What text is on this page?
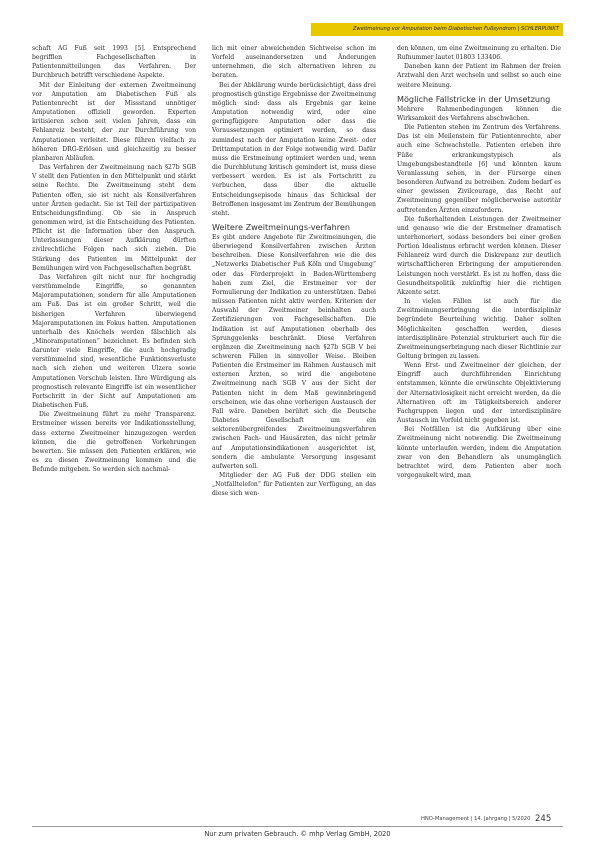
Zweitmeinung vor Amputation beim Diabetischen Fußsyndrom | SCHLERPUNKT

schaft AG Fuß seit 1993 [5]. Entsprechend begrifflen Fachgesellschaften in Patientenmitteilungen das Verfahren. Der Durchbruch betrifft verschiedene Aspekte.

Mit der Einleitung der externen Zweitmeinung vor Amputation am Diabetischen Fuß als Patientenrecht ist der Missstand unnötiger Amputationen offiziell geworden. Experten kritisieren schon seit vielen Jahren, dass ein Fehlanreiz besteht, der zur Durchführung von Amputationen verleitet. Diese führen vielfach zu höheren DRG-Erlösen und gleichzeitig zu besser planbaren Abläufen.

Das Verfahren der Zweitmeinung nach §27b SGB V stellt den Patienten in den Mittelpunkt und stärkt seine Rechte. Die Zweitmeinung steht dem Patienten offen, sie ist nicht als Konsilverfahren unter Ärzten gedacht. Sie ist Teil der partizipativen Entscheidungsfindung. Ob sie in Anspruch genommen wird, ist die Entscheidung des Patienten. Pflicht ist die Information über den Anspruch. Unterlassungen dieser Aufklärung dürften zivilrechtliche Folgen nach sich ziehen. Die Stärkung des Patienten im Mittelpunkt der Bemühungen wird von Fachgesellschaften begrüßt.

Das Verfahren gilt nicht nur für hochgradig verstümmelnde Eingriffe, so genannten Majoramputationen, sondern für alle Amputationen am Fuß. Das ist ein großer Schritt, weil die bisherigen Verfahren überwiegend Majoramputationen im Fokus hatten. Amputationen unterhalb des Knöchels werden fälschlich als „Minoramputationen“ bezeichnet. Es befinden sich darunter viele Eingriffe, die auch hochgradig verstümmelnd sind, wesentliche Funktionsverluste nach sich ziehen und weiteren Ulzera sowie Amputationen Vorschub leisten. Ihre Würdigung als prognostisch relevante Eingriffe ist ein wesentlicher Fortschritt in der Sicht auf Amputationen am Diabetischen Fuß.

Die Zweitmeinung führt zu mehr Transparenz. Erstmeiner wissen bereits vor Indikationsstellung, dass externe Zweitmeiner hinzugezogen werden können, die die getroffenen Vorkehrungen bewerten. Sie müssen den Patienten erklären, wie es zu diesen Zweitmeinung kommen und die Befunde mitgeben. So werden sich nachmal-

lich mit einer abweichenden Sichtweise schon im Vorfeld auseinandersetzen und Änderungen unternehmen, die sich alternativen lehren zu beraten.

Bei der Abklärung wurde berücksichtigt, dass drei prognostisch günstige Ergebnisse der Zweitmeinung möglich sind: dass als Ergebnis gar keine Amputation notwendig wird, oder eine geringfügigere Amputation oder dass die Voraussetzungen optimiert werden, so dass zumindest nach der Amputation keine Zweit- oder Drittamputation in der Folge notwendig wird. Dafür muss die Erstmeinung optimiert werden und, wenn die Durchblutung kritisch gemindert ist, muss diese verbessert werden. Es ist als Fortschritt zu verbuchen, dass über die aktuelle Entscheidungsepisode hinaus das Schicksal der Betroffenen insgesamt im Zentrum der Bemühungen steht.

Weitere Zweitmeinungs-verfahren

Es gibt andere Angebote für Zweitmeinungen, die überwiegend Konsilverfahren zwischen Ärzten beschreiben. Diese Konsilverfahren wie die des „Netzwerks Diabetischer Fuß Köln und Umgebung“ oder das Förderprojekt in Baden-Württemberg haben zum Ziel, die Erstmeiner vor der Formulierung der Indikation zu unterstützen. Dabei müssen Patienten nicht aktiv werden. Kriterien der Auswahl der Zweitmeiner beinhalten auch Zertifizierungen von Fachgesellschaften. Die Indikation ist auf Amputationen oberhalb des Sprunggelenks beschränkt. Diese Verfahren ergänzen die Zweitmeinung nach §27b SGB V bei schweren Fällen in sinnvoller Weise. Bleiben Patienten die Erstmeiner im Rahmen Austausch mit externen Ärzten, so wird die angebotene Zweitmeinung nach SGB V aus der Sicht der Patienten nicht in dem Maß gewinnbringend erscheinen, wie das ohne vorherigen Austausch der Fall wäre. Daneben berührt sich die Deutsche Diabetes Gesellschaft um ein sektorenübergreifendes Zweitmeinungsverfahren zwischen Fach- und Hausärzten, das nicht primär auf Amputationsindikationen ausgerichtet ist, sondern die ambulante Versorgung insgesamt aufwerten soll.

Mitglieder der AG Fuß der DDG stellen ein „Notfalltelefon“ für Patienten zur Verfügung, an das diese sich wen-

den können, um eine Zweitmeinung zu erhalten. Die Rufnummer lautet 01803 133406.

Daneben kann der Patient im Rahmen der freien Arztwahl den Arzt wechseln und selbst so auch eine weitere Meinung.

Mögliche Fallstricke in der Umsetzung

Mehrere Rahmenbedingungen können die Wirksamkeit des Verfahrens abschwächen.

Die Patienten stehen im Zentrum des Verfahrens. Das ist ein Meilenstein für Patientenrechte, aber auch eine Schwachstelle. Patienten erleben ihre Füße erkrankungstypisch als Umgebungsbestandteile [6] und könnten kaum Veranlassung sehen, in der Fürsorge einen besonderen Aufwand zu betreiben. Zudem bedarf es einer gewissen Zivilcourage, das Recht auf Zweitmeinung gegenüber möglicherweise autoritär auftretenden Ärzten einzufordern.

Die fußerhaltenden Leistungen der Zweitmeiner und genauso wie die der Erstmeiner dramatisch unterhonoriert, sodass besonders bei einer großen Portion Idealismus erbracht werden können. Dieser Fehlanreiz wird durch die Diskrepanz zur deutlich wirtschaftlicheren Erbringung der amputierenden Leistungen noch verstärkt. Es ist zu hoffen, dass die Gesundheitspolitik zukünftig hier die richtigen Akzente setzt.

In vielen Fällen ist auch für die Zweitmeinungserbringung die interdisziplinär begründete Beurteilung wichtig. Daher sollten Möglichkeiten geschaffen werden, dieses interdisziplinäre Potenzial strukturiert auch für die Zweitmeinungserbringung nach dieser Richtlinie zur Geltung bringen zu lassen.

Wenn Erst- und Zweitmeiner der gleichen, der Eingriff auch durchführenden Einrichtung entstammen, könnte die erwünschte Objektivierung der Alternativlosigkeit nicht erreicht werden, da die Alternativen oft im Tätigkeitsbereich anderer Fachgruppen liegen und der interdisziplinäre Austausch im Vorfeld nicht gegeben ist.

Bei Notfällen ist die Aufklärung über eine Zweitmeinung nicht notwendig. Die Zweitmeinung könnte unterlaufen werden, indem die Amputation zwar von den Behandlern als unumgänglich betrachtet wird, dem Patienten aber noch vorgegaukelt wird, man

HNO-Management | 14. Jahrgang | 5/2020 245
Nur zum privaten Gebrauch. © mhp Verlag GmbH, 2020
